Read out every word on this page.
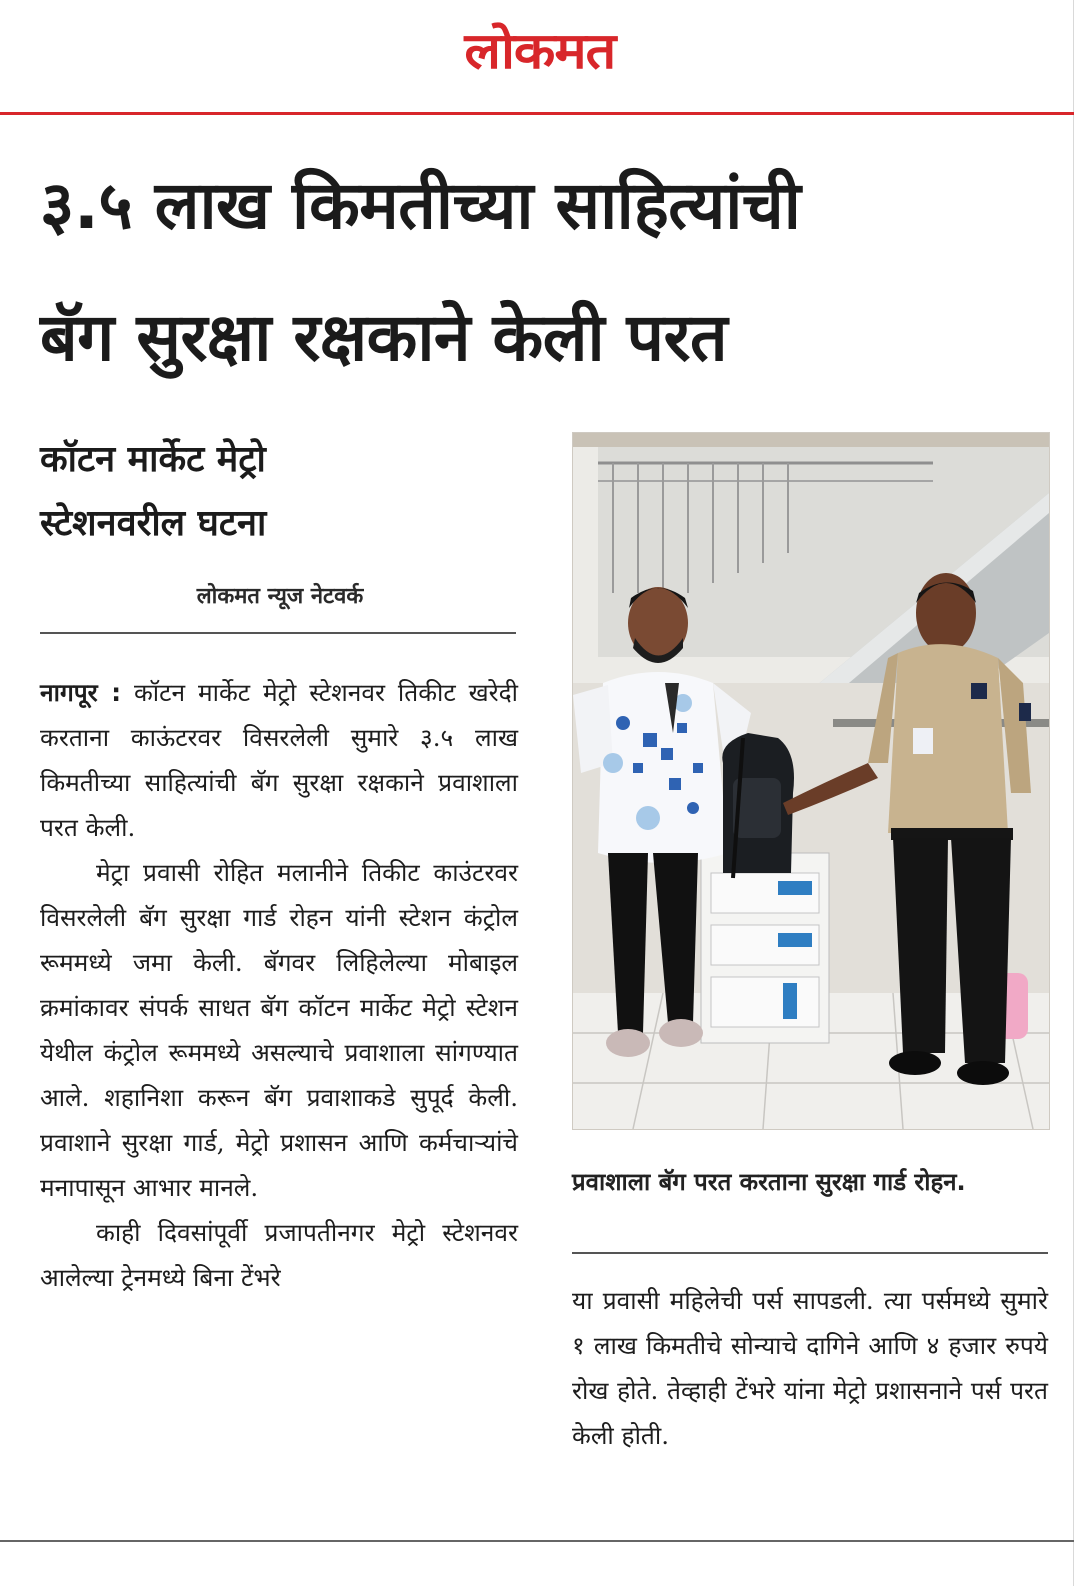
लोकमत
३.५ लाख किमतीच्या साहित्यांची
बॅग सुरक्षा रक्षकाने केली परत
कॉटन मार्केट मेट्रो
स्टेशनवरील घटना
लोकमत न्यूज नेटवर्क

नागपूर : कॉटन मार्केट मेट्रो स्टेशनवर तिकीट खरेदी करताना काऊंटरवर विसरलेली सुमारे ३.५ लाख किमतीच्या साहित्यांची बॅग सुरक्षा रक्षकाने प्रवाशाला परत केली.

मेट्रा प्रवासी रोहित मलानीने तिकीट काउंटरवर विसरलेली बॅग सुरक्षा गार्ड रोहन यांनी स्टेशन कंट्रोल रूममध्ये जमा केली. बॅगवर लिहिलेल्या मोबाइल क्रमांकावर संपर्क साधत बॅग कॉटन मार्केट मेट्रो स्टेशन येथील कंट्रोल रूममध्ये असल्याचे प्रवाशाला सांगण्यात आले. शहानिशा करून बॅग प्रवाशाकडे सुपूर्द केली. प्रवाशाने सुरक्षा गार्ड, मेट्रो प्रशासन आणि कर्मचाऱ्यांचे मनापासून आभार मानले.

काही दिवसांपूर्वी प्रजापतीनगर मेट्रो स्टेशनवर आलेल्या ट्रेनमध्ये बिना टेंभरे

प्रवाशाला बॅग परत करताना सुरक्षा गार्ड रोहन.

या प्रवासी महिलेची पर्स सापडली. त्या पर्समध्ये सुमारे १ लाख किमतीचे सोन्याचे दागिने आणि ४ हजार रुपये रोख होते. तेव्हाही टेंभरे यांना मेट्रो प्रशासनाने पर्स परत केली होती.
